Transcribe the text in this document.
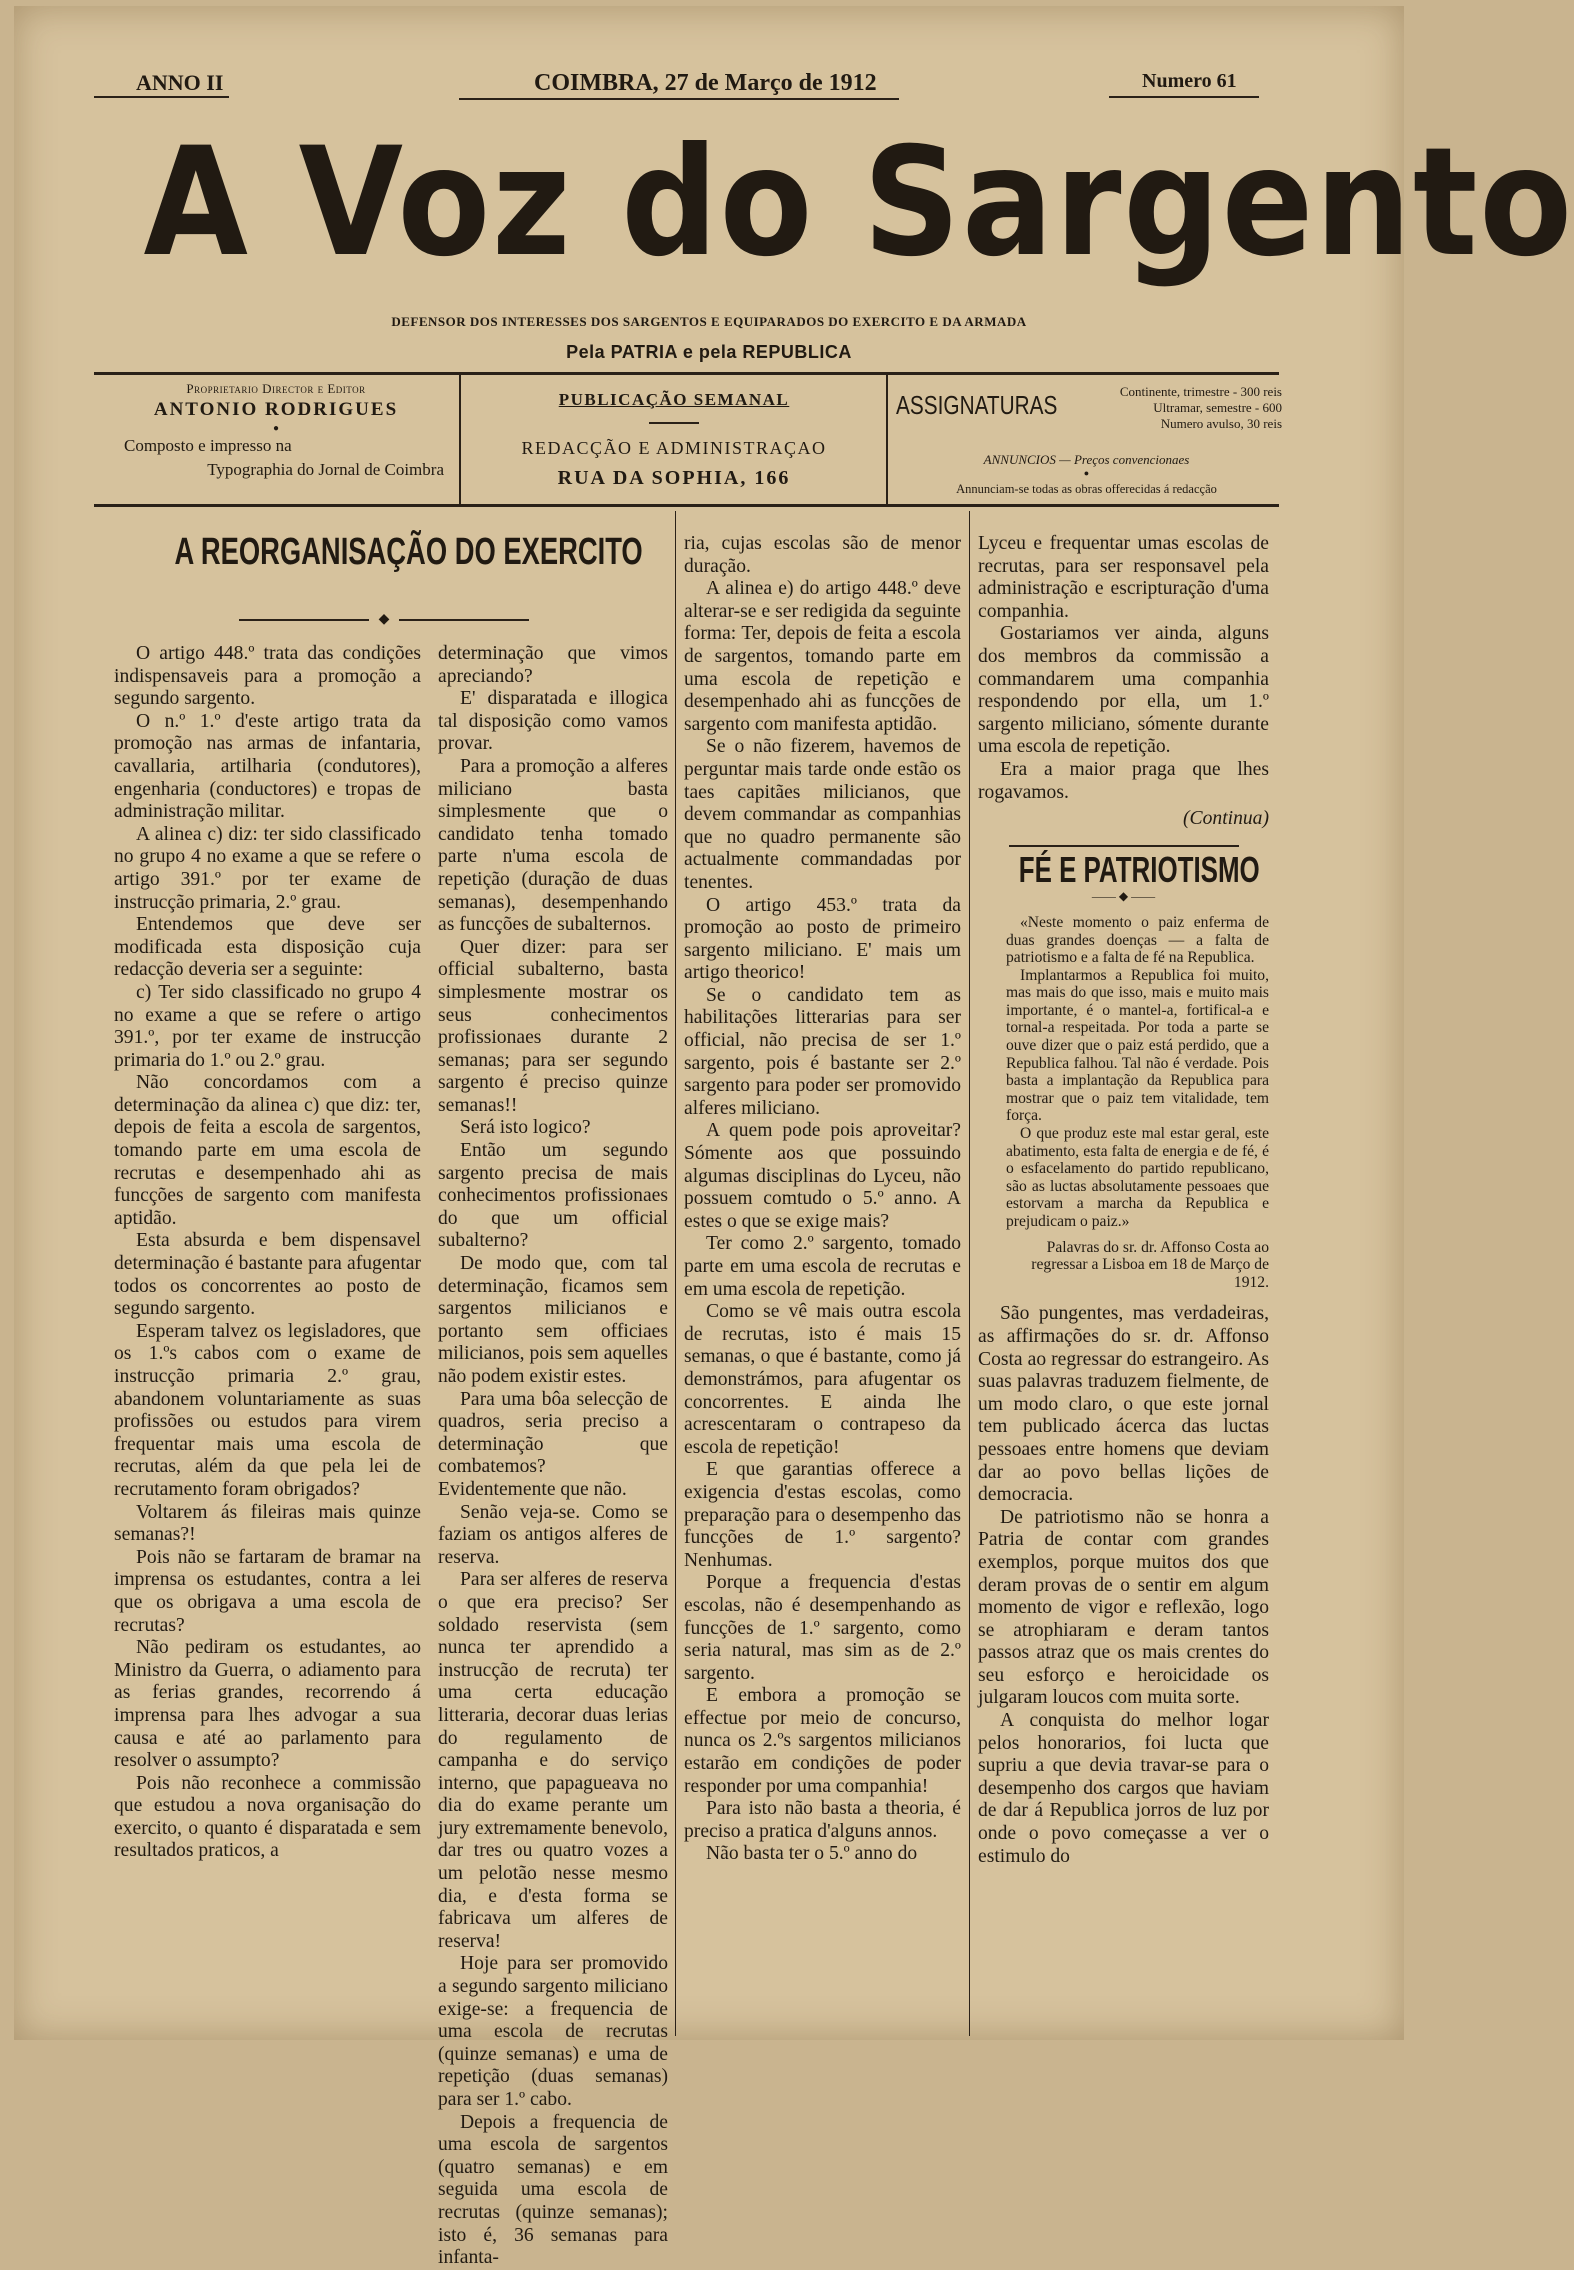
ANNO II	COIMBRA, 27 de Março de 1912	Numero 61
A Voz do Sargento
DEFENSOR DOS INTERESSES DOS SARGENTOS E EQUIPARADOS DO EXERCITO E DA ARMADA
Pela PATRIA e pela REPUBLICA
Proprietario Director e Editor
ANTONIO RODRIGUES
●
Composto e impresso na
Typographia do Jornal de Coimbra
PUBLICAÇÃO SEMANAL
REDACÇÃO E ADMINISTRAÇAO
RUA DA SOPHIA, 166
ASSIGNATURAS	Continente, trimestre - 300 reis
Ultramar, semestre - 600
Numero avulso, 30 reis
ANNUNCIOS — Preços convencionaes
●
Annunciam-se todas as obras offerecidas á redacção
A REORGANISAÇÃO DO EXERCITO
◆

O artigo 448.º trata das condições indispensaveis para a promoção a segundo sargento.

O n.º 1.º d'este artigo trata da promoção nas armas de infantaria, cavallaria, artilharia (condutores), engenharia (conductores) e tropas de administração militar.

A alinea c) diz: ter sido classificado no grupo 4 no exame a que se refere o artigo 391.º por ter exame de instrucção primaria, 2.º grau.

Entendemos que deve ser modificada esta disposição cuja redacção deveria ser a seguinte:

c) Ter sido classificado no grupo 4 no exame a que se refere o artigo 391.º, por ter exame de instrucção primaria do 1.º ou 2.º grau.

Não concordamos com a determinação da alinea c) que diz: ter, depois de feita a escola de sargentos, tomando parte em uma escola de recrutas e desempenhado ahi as funcções de sargento com manifesta aptidão.

Esta absurda e bem dispensavel determinação é bastante para afugentar todos os concorrentes ao posto de segundo sargento.

Esperam talvez os legisladores, que os 1.ºs cabos com o exame de instrucção primaria 2.º grau, abandonem voluntariamente as suas profissões ou estudos para virem frequentar mais uma escola de recrutas, além da que pela lei de recrutamento foram obrigados?

Voltarem ás fileiras mais quinze semanas?!

Pois não se fartaram de bramar na imprensa os estudantes, contra a lei que os obrigava a uma escola de recrutas?

Não pediram os estudantes, ao Ministro da Guerra, o adiamento para as ferias grandes, recorrendo á imprensa para lhes advogar a sua causa e até ao parlamento para resolver o assumpto?

Pois não reconhece a commissão que estudou a nova organisação do exercito, o quanto é disparatada e sem resultados praticos, a

determinação que vimos apreciando?

E' disparatada e illogica tal disposição como vamos provar.

Para a promoção a alferes miliciano basta simplesmente que o candidato tenha tomado parte n'uma escola de repetição (duração de duas semanas), desempenhando as funcções de subalternos.

Quer dizer: para ser official subalterno, basta simplesmente mostrar os seus conhecimentos profissionaes durante 2 semanas; para ser segundo sargento é preciso quinze semanas!!

Será isto logico?

Então um segundo sargento precisa de mais conhecimentos profissionaes do que um official subalterno?

De modo que, com tal determinação, ficamos sem sargentos milicianos e portanto sem officiaes milicianos, pois sem aquelles não podem existir estes.

Para uma bôa selecção de quadros, seria preciso a determinação que combatemos? Evidentemente que não.

Senão veja-se. Como se faziam os antigos alferes de reserva.

Para ser alferes de reserva o que era preciso? Ser soldado reservista (sem nunca ter aprendido a instrucção de recruta) ter uma certa educação litteraria, decorar duas lerias do regulamento de campanha e do serviço interno, que papagueava no dia do exame perante um jury extremamente benevolo, dar tres ou quatro vozes a um pelotão nesse mesmo dia, e d'esta forma se fabricava um alferes de reserva!

Hoje para ser promovido a segundo sargento miliciano exige-se: a frequencia de uma escola de recrutas (quinze semanas) e uma de repetição (duas semanas) para ser 1.º cabo.

Depois a frequencia de uma escola de sargentos (quatro semanas) e em seguida uma escola de recrutas (quinze semanas); isto é, 36 semanas para infanta-

ria, cujas escolas são de menor duração.

A alinea e) do artigo 448.º deve alterar-se e ser redigida da seguinte forma: Ter, depois de feita a escola de sargentos, tomando parte em uma escola de repetição e desempenhado ahi as funcções de sargento com manifesta aptidão.

Se o não fizerem, havemos de perguntar mais tarde onde estão os taes capitães milicianos, que devem commandar as companhias que no quadro permanente são actualmente commandadas por tenentes.

O artigo 453.º trata da promoção ao posto de primeiro sargento miliciano. E' mais um artigo theorico!

Se o candidato tem as habilitações litterarias para ser official, não precisa de ser 1.º sargento, pois é bastante ser 2.º sargento para poder ser promovido alferes miliciano.

A quem pode pois aproveitar? Sómente aos que possuindo algumas disciplinas do Lyceu, não possuem comtudo o 5.º anno. A estes o que se exige mais?

Ter como 2.º sargento, tomado parte em uma escola de recrutas e em uma escola de repetição.

Como se vê mais outra escola de recrutas, isto é mais 15 semanas, o que é bastante, como já demonstrámos, para afugentar os concorrentes. E ainda lhe acrescentaram o contrapeso da escola de repetição!

E que garantias offerece a exigencia d'estas escolas, como preparação para o desempenho das funcções de 1.º sargento? Nenhumas.

Porque a frequencia d'estas escolas, não é desempenhando as funcções de 1.º sargento, como seria natural, mas sim as de 2.º sargento.

E embora a promoção se effectue por meio de concurso, nunca os 2.ºs sargentos milicianos estarão em condições de poder responder por uma companhia!

Para isto não basta a theoria, é preciso a pratica d'alguns annos.

Não basta ter o 5.º anno do

Lyceu e frequentar umas escolas de recrutas, para ser responsavel pela administração e escripturação d'uma companhia.

Gostariamos ver ainda, alguns dos membros da commissão a commandarem uma companhia respondendo por ella, um 1.º sargento miliciano, sómente durante uma escola de repetição.

Era a maior praga que lhes rogavamos.

(Continua)

FÉ E PATRIOTISMO
—— ◆ ——

«Neste momento o paiz enferma de duas grandes doenças — a falta de patriotismo e a falta de fé na Republica.

Implantarmos a Republica foi muito, mas mais do que isso, mais e muito mais importante, é o mantel-a, fortifical-a e tornal-a respeitada. Por toda a parte se ouve dizer que o paiz está perdido, que a Republica falhou. Tal não é verdade. Pois basta a implantação da Republica para mostrar que o paiz tem vitalidade, tem força.

O que produz este mal estar geral, este abatimento, esta falta de energia e de fé, é o esfacelamento do partido republicano, são as luctas absolutamente pessoaes que estorvam a marcha da Republica e prejudicam o paiz.»

Palavras do sr. dr. Affonso Costa ao regressar a Lisboa em 18 de Março de 1912.

São pungentes, mas verdadeiras, as affirmações do sr. dr. Affonso Costa ao regressar do estrangeiro. As suas palavras traduzem fielmente, de um modo claro, o que este jornal tem publicado ácerca das luctas pessoaes entre homens que deviam dar ao povo bellas lições de democracia.

De patriotismo não se honra a Patria de contar com grandes exemplos, porque muitos dos que deram provas de o sentir em algum momento de vigor e reflexão, logo se atrophiaram e deram tantos passos atraz que os mais crentes do seu esforço e heroicidade os julgaram loucos com muita sorte.

A conquista do melhor logar pelos honorarios, foi lucta que supriu a que devia travar-se para o desempenho dos cargos que haviam de dar á Republica jorros de luz por onde o povo começasse a ver o estimulo do
